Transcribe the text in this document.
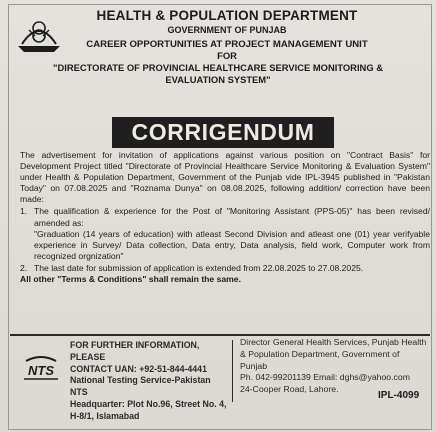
HEALTH & POPULATION DEPARTMENT
GOVERNMENT OF PUNJAB
CAREER OPPORTUNITIES AT PROJECT MANAGEMENT UNIT
FOR
"DIRECTORATE OF PROVINCIAL HEALTHCARE SERVICE MONITORING &
EVALUATION SYSTEM"
CORRIGENDUM

The advertisement for invitation of applications against various position on "Contract Basis" for Development Project titled "Directorate of Provincial Healthcare Service Monitoring & Evaluation System" under Health & Population Department, Government of the Punjab vide IPL-3945 published in "Pakistan Today" on 07.08.2025 and "Roznama Dunya" on 08.08.2025, following addition/ correction have been made:

1. The qualification & experience for the Post of "Monitoring Assistant (PPS-05)" has been revised/ amended as:

"Graduation (14 years of education) with atleast Second Division and atleast one (01) year verifyable experience in Survey/ Data collection, Data entry, Data analysis, field work, Computer work from recognized orgnization"

2. The last date for submission of application is extended from 22.08.2025 to 27.08.2025.

All other "Terms & Conditions" shall remain the same.

NTS
FOR FURTHER INFORMATION, PLEASE
CONTACT UAN: +92-51-844-4441
National Testing Service-Pakistan NTS
Headquarter: Plot No.96, Street No. 4,
H-8/1, Islamabad
Director General Health Services, Punjab Health
& Population Department, Government of Punjab
Ph. 042-99201139 Email: dghs@yahoo.com
24-Cooper Road, Lahore.
IPL-4099
